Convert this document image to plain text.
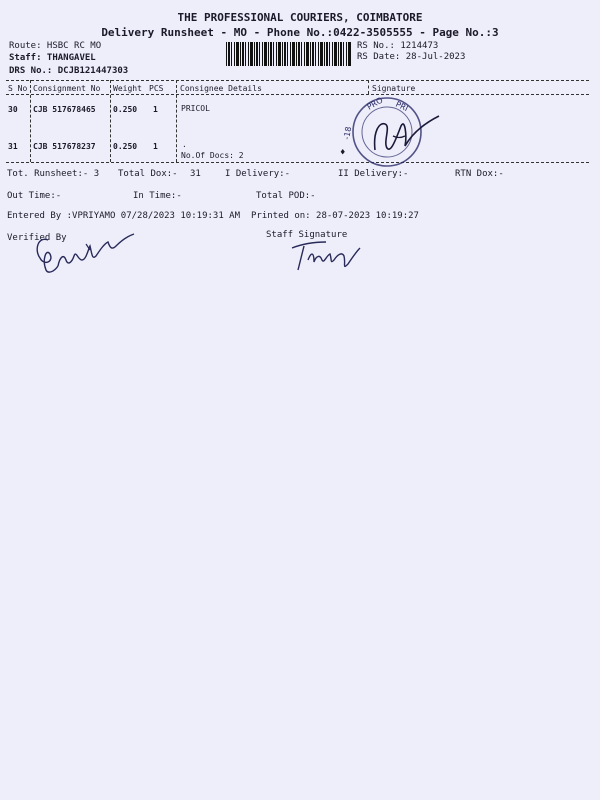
THE PROFESSIONAL COURIERS, COIMBATORE
Delivery Runsheet - MO - Phone No.:0422-3505555 - Page No.:3
Route: HSBC RC MO
Staff: THANGAVEL
DRS No.: DCJB121447303
RS No.: 1214473
RS Date: 28-Jul-2023
S No Consignment No Weight PCS Consignee Details	Signature
30 CJB 517678465 0.250 1	PRICOL
31 CJB 517678237 0.250 1	.
No.Of Docs: 2
PRO PRI
-18
♦
Tot. Runsheet:- 3 Total Dox:- 31	I Delivery:-	II Delivery:-	RTN Dox:-
Out Time:-	In Time:-	Total POD:-
Entered By :VPRIYAMO 07/28/2023 10:19:31 AM Printed on: 28-07-2023 10:19:27
Verified By	Staff Signature
